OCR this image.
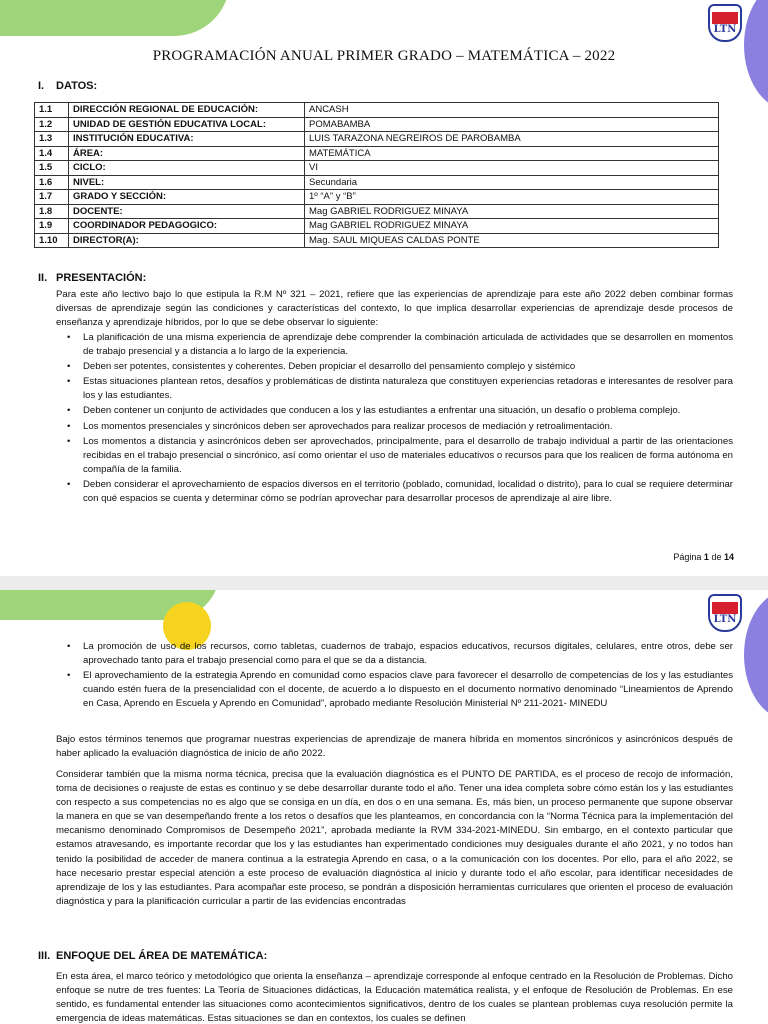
LTN
PROGRAMACIÓN ANUAL PRIMER GRADO – MATEMÁTICA – 2022
I. DATOS:
1.1	DIRECCIÓN REGIONAL DE EDUCACIÓN:	ANCASH
1.2	UNIDAD DE GESTIÓN EDUCATIVA LOCAL:	POMABAMBA
1.3	INSTITUCIÓN EDUCATIVA:	LUIS TARAZONA NEGREIROS DE PAROBAMBA
1.4	ÁREA:	MATEMÁTICA
1.5	CICLO:	VI
1.6	NIVEL:	Secundaria
1.7	GRADO Y SECCIÓN:	1º “A” y “B”
1.8	DOCENTE:	Mag GABRIEL RODRIGUEZ MINAYA
1.9	COORDINADOR PEDAGOGICO:	Mag GABRIEL RODRIGUEZ MINAYA
1.10	DIRECTOR(A):	Mag. SAUL MIQUEAS CALDAS PONTE
II. PRESENTACIÓN:
Para este año lectivo bajo lo que estipula la R.M Nº 321 – 2021, refiere que las experiencias de aprendizaje para este año 2022 deben combinar formas diversas de aprendizaje según las condiciones y características del contexto, lo que implica desarrollar experiencias de aprendizaje desde procesos de enseñanza y aprendizaje híbridos, por lo que se debe observar lo siguiente:
• La planificación de una misma experiencia de aprendizaje debe comprender la combinación articulada de actividades que se desarrollen en momentos de trabajo presencial y a distancia a lo largo de la experiencia.
• Deben ser potentes, consistentes y coherentes. Deben propiciar el desarrollo del pensamiento complejo y sistémico
• Estas situaciones plantean retos, desafíos y problemáticas de distinta naturaleza que constituyen experiencias retadoras e interesantes de resolver para los y las estudiantes.
• Deben contener un conjunto de actividades que conducen a los y las estudiantes a enfrentar una situación, un desafío o problema complejo.
• Los momentos presenciales y sincrónicos deben ser aprovechados para realizar procesos de mediación y retroalimentación.
• Los momentos a distancia y asincrónicos deben ser aprovechados, principalmente, para el desarrollo de trabajo individual a partir de las orientaciones recibidas en el trabajo presencial o sincrónico, así como orientar el uso de materiales educativos o recursos para que los realicen de forma autónoma en compañía de la familia.
• Deben considerar el aprovechamiento de espacios diversos en el territorio (poblado, comunidad, localidad o distrito), para lo cual se requiere determinar con qué espacios se cuenta y determinar cómo se podrían aprovechar para desarrollar procesos de aprendizaje al aire libre.
Página 1 de 14
LTN
• La promoción de uso de los recursos, como tabletas, cuadernos de trabajo, espacios educativos, recursos digitales, celulares, entre otros, debe ser aprovechado tanto para el trabajo presencial como para el que se da a distancia.
• El aprovechamiento de la estrategia Aprendo en comunidad como espacios clave para favorecer el desarrollo de competencias de los y las estudiantes cuando estén fuera de la presencialidad con el docente, de acuerdo a lo dispuesto en el documento normativo denominado “Lineamientos de Aprendo en Casa, Aprendo en Escuela y Aprendo en Comunidad”, aprobado mediante Resolución Ministerial Nº 211-2021- MINEDU
Bajo estos términos tenemos que programar nuestras experiencias de aprendizaje de manera híbrida en momentos sincrónicos y asincrónicos después de haber aplicado la evaluación diagnóstica de inicio de año 2022.
Considerar también que la misma norma técnica, precisa que la evaluación diagnóstica es el PUNTO DE PARTIDA, es el proceso de recojo de información, toma de decisiones o reajuste de estas es continuo y se debe desarrollar durante todo el año. Tener una idea completa sobre cómo están los y las estudiantes con respecto a sus competencias no es algo que se consiga en un día, en dos o en una semana. Es, más bien, un proceso permanente que supone observar la manera en que se van desempeñando frente a los retos o desafíos que les planteamos, en concordancia con la “Norma Técnica para la implementación del mecanismo denominado Compromisos de Desempeño 2021”, aprobada mediante la RVM 334-2021-MINEDU. Sin embargo, en el contexto particular que estamos atravesando, es importante recordar que los y las estudiantes han experimentado condiciones muy desiguales durante el año 2021, y no todos han tenido la posibilidad de acceder de manera continua a la estrategia Aprendo en casa, o a la comunicación con los docentes. Por ello, para el año 2022, se hace necesario prestar especial atención a este proceso de evaluación diagnóstica al inicio y durante todo el año escolar, para identificar necesidades de aprendizaje de los y las estudiantes. Para acompañar este proceso, se pondrán a disposición herramientas curriculares que orienten el proceso de evaluación diagnóstica y para la planificación curricular a partir de las evidencias encontradas
III. ENFOQUE DEL ÁREA DE MATEMÁTICA:
En esta área, el marco teórico y metodológico que orienta la enseñanza – aprendizaje corresponde al enfoque centrado en la Resolución de Problemas. Dicho enfoque se nutre de tres fuentes: La Teoría de Situaciones didácticas, la Educación matemática realista, y el enfoque de Resolución de Problemas. En ese sentido, es fundamental entender las situaciones como acontecimientos significativos, dentro de los cuales se plantean problemas cuya resolución permite la emergencia de ideas matemáticas. Estas situaciones se dan en contextos, los cuales se definen
